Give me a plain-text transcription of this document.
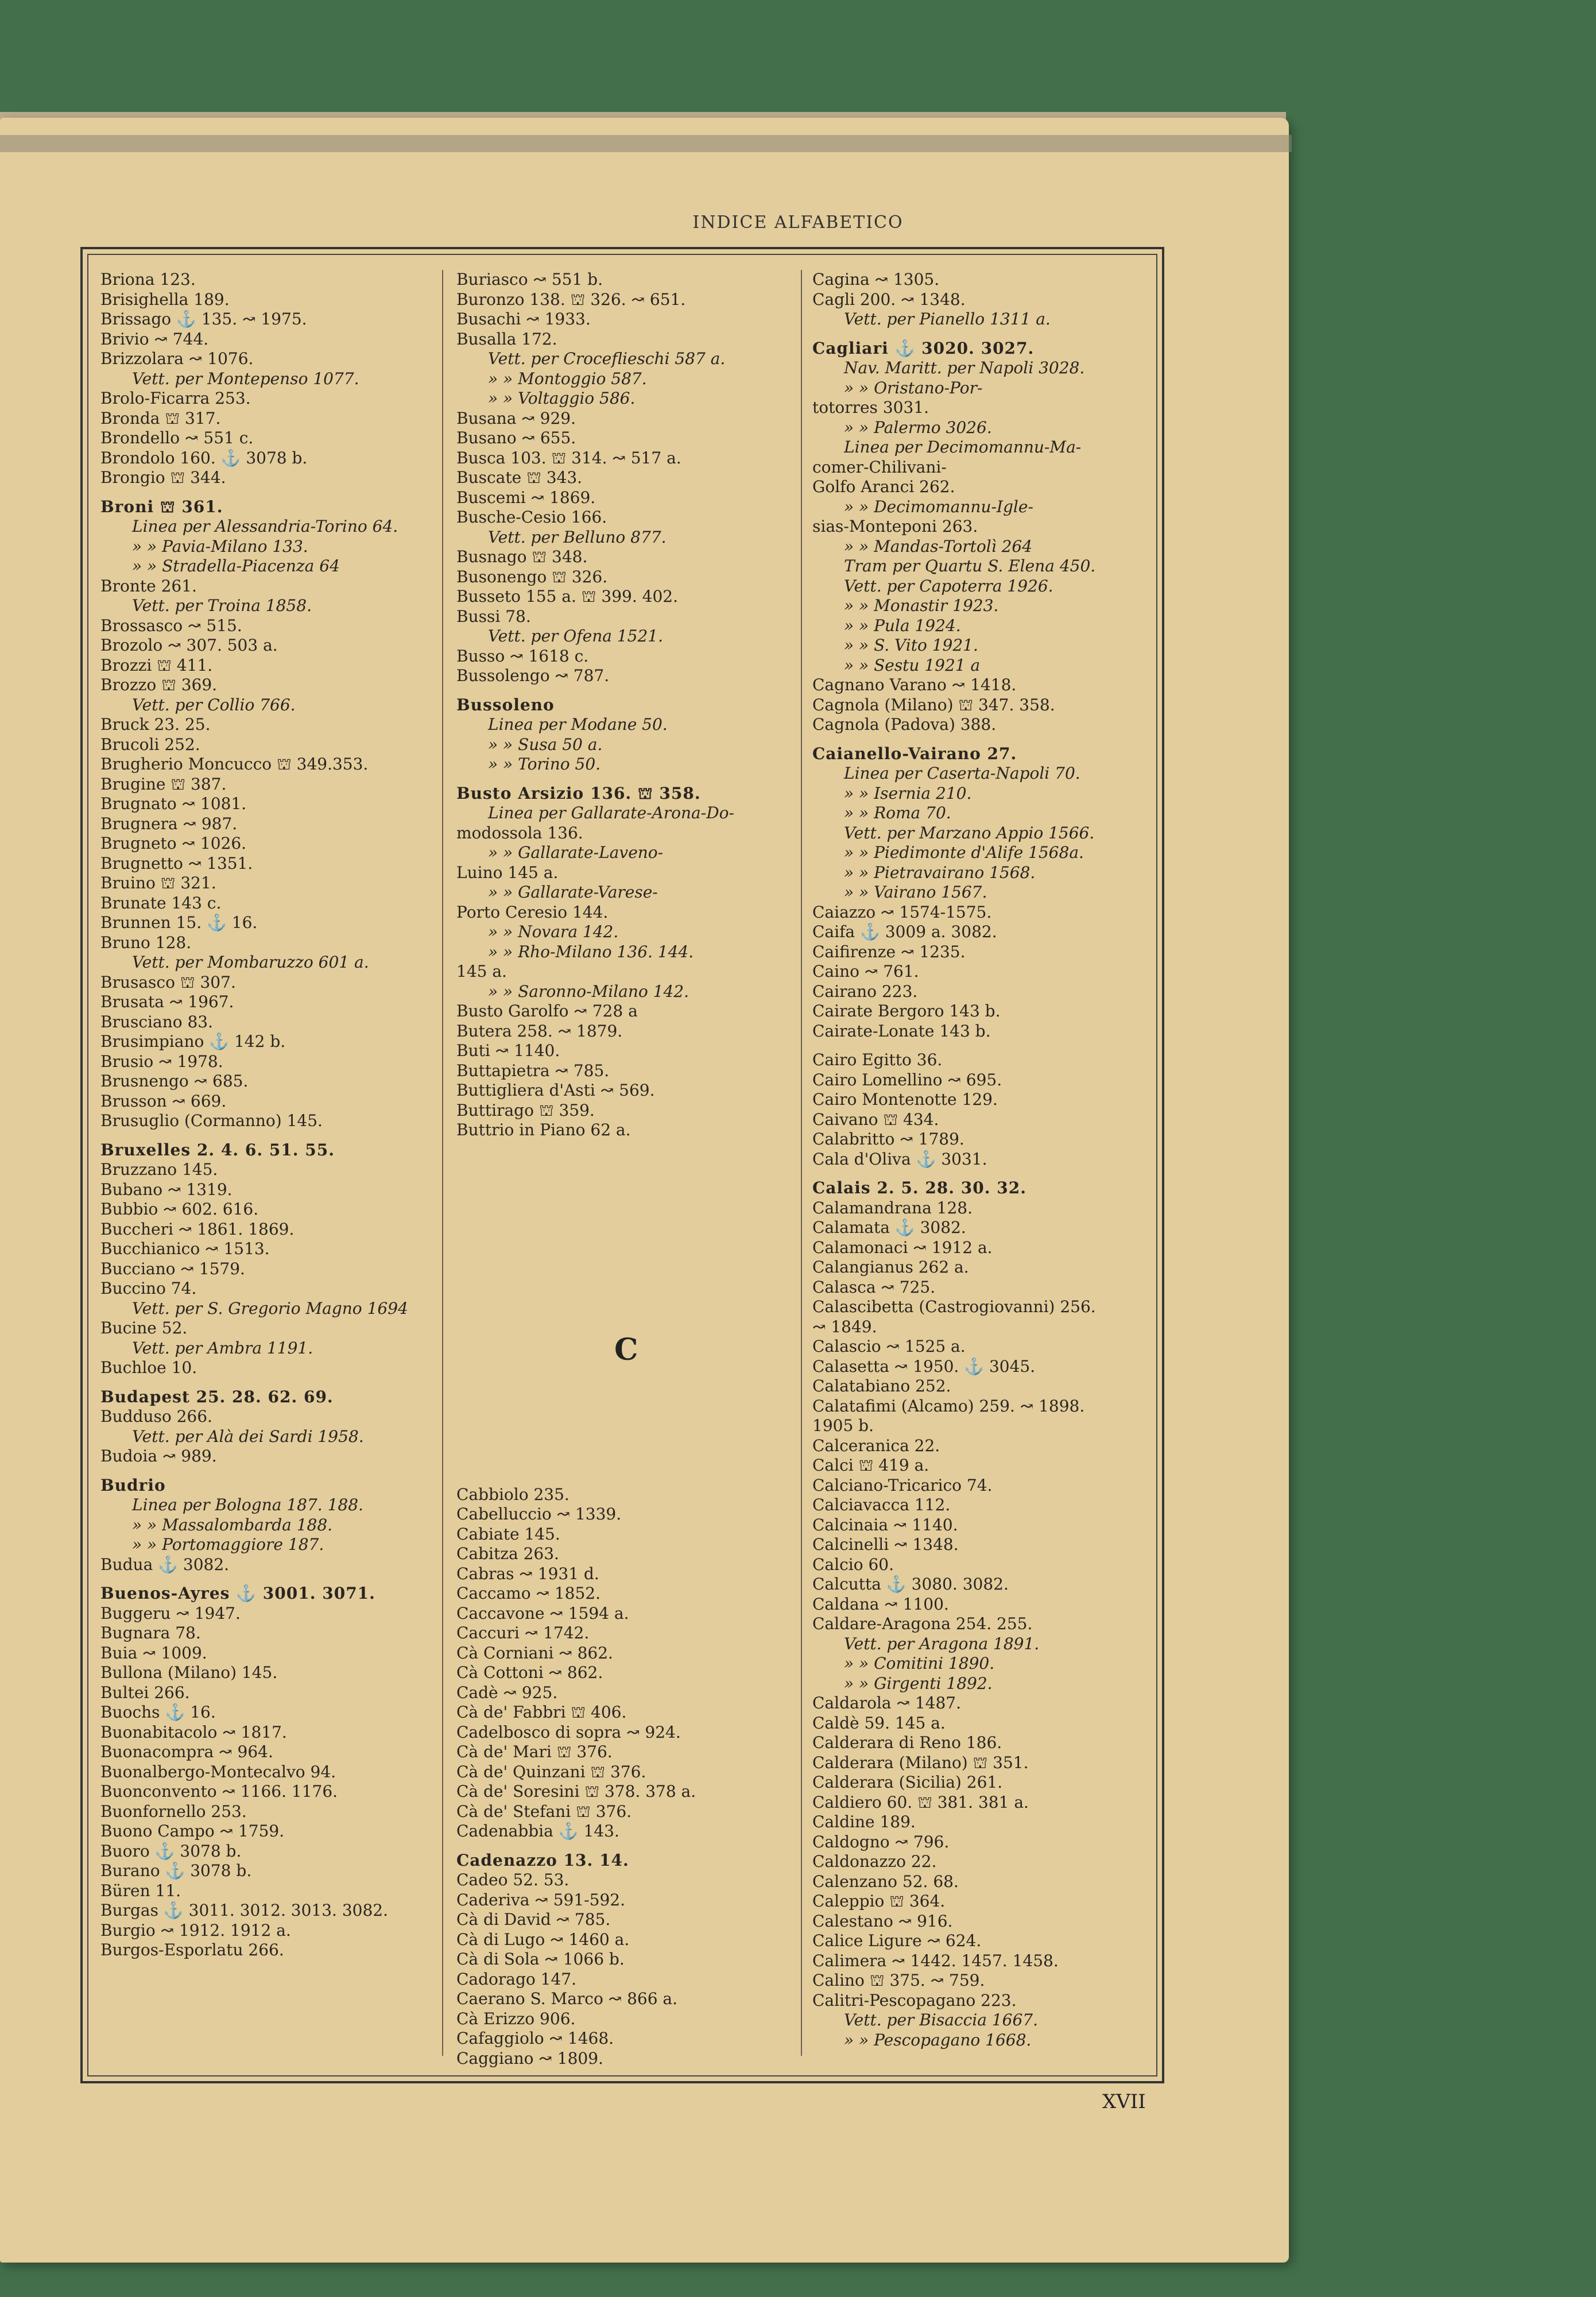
INDICE ALFABETICO
Briona 123.
Brisighella 189.
Brissago ⚓ 135. ↝ 1975.
Brivio ↝ 744.
Brizzolara ↝ 1076.
Vett. per Montepenso 1077.
Brolo-Ficarra 253.
Bronda ⛫ 317.
Brondello ↝ 551 c.
Brondolo 160. ⚓ 3078 b.
Brongio ⛫ 344.
Broni ⛫ 361.
Linea per Alessandria-Torino 64.
» » Pavia-Milano 133.
» » Stradella-Piacenza 64
Bronte 261.
Vett. per Troina 1858.
Brossasco ↝ 515.
Brozolo ↝ 307. 503 a.
Brozzi ⛫ 411.
Brozzo ⛫ 369.
Vett. per Collio 766.
Bruck 23. 25.
Brucoli 252.
Brugherio Moncucco ⛫ 349.353.
Brugine ⛫ 387.
Brugnato ↝ 1081.
Brugnera ↝ 987.
Brugneto ↝ 1026.
Brugnetto ↝ 1351.
Bruino ⛫ 321.
Brunate 143 c.
Brunnen 15. ⚓ 16.
Bruno 128.
Vett. per Mombaruzzo 601 a.
Brusasco ⛫ 307.
Brusata ↝ 1967.
Brusciano 83.
Brusimpiano ⚓ 142 b.
Brusio ↝ 1978.
Brusnengo ↝ 685.
Brusson ↝ 669.
Brusuglio (Cormanno) 145.
Bruxelles 2. 4. 6. 51. 55.
Bruzzano 145.
Bubano ↝ 1319.
Bubbio ↝ 602. 616.
Buccheri ↝ 1861. 1869.
Bucchianico ↝ 1513.
Bucciano ↝ 1579.
Buccino 74.
Vett. per S. Gregorio Magno 1694
Bucine 52.
Vett. per Ambra 1191.
Buchloe 10.
Budapest 25. 28. 62. 69.
Budduso 266.
Vett. per Alà dei Sardi 1958.
Budoia ↝ 989.
Budrio
Linea per Bologna 187. 188.
» » Massalombarda 188.
» » Portomaggiore 187.
Budua ⚓ 3082.
Buenos-Ayres ⚓ 3001. 3071.
Buggeru ↝ 1947.
Bugnara 78.
Buia ↝ 1009.
Bullona (Milano) 145.
Bultei 266.
Buochs ⚓ 16.
Buonabitacolo ↝ 1817.
Buonacompra ↝ 964.
Buonalbergo-Montecalvo 94.
Buonconvento ↝ 1166. 1176.
Buonfornello 253.
Buono Campo ↝ 1759.
Buoro ⚓ 3078 b.
Burano ⚓ 3078 b.
Büren 11.
Burgas ⚓ 3011. 3012. 3013. 3082.
Burgio ↝ 1912. 1912 a.
Burgos-Esporlatu 266.
Buriasco ↝ 551 b.
Buronzo 138. ⛫ 326. ↝ 651.
Busachi ↝ 1933.
Busalla 172.
Vett. per Croceflieschi 587 a.
» » Montoggio 587.
» » Voltaggio 586.
Busana ↝ 929.
Busano ↝ 655.
Busca 103. ⛫ 314. ↝ 517 a.
Buscate ⛫ 343.
Buscemi ↝ 1869.
Busche-Cesio 166.
Vett. per Belluno 877.
Busnago ⛫ 348.
Busonengo ⛫ 326.
Busseto 155 a. ⛫ 399. 402.
Bussi 78.
Vett. per Ofena 1521.
Busso ↝ 1618 c.
Bussolengo ↝ 787.
Bussoleno
Linea per Modane 50.
» » Susa 50 a.
» » Torino 50.
Busto Arsizio 136. ⛫ 358.
Linea per Gallarate-Arona-Do-
modossola 136.
» » Gallarate-Laveno-
Luino 145 a.
» » Gallarate-Varese-
Porto Ceresio 144.
» » Novara 142.
» » Rho-Milano 136. 144.
145 a.
» » Saronno-Milano 142.
Busto Garolfo ↝ 728 a
Butera 258. ↝ 1879.
Buti ↝ 1140.
Buttapietra ↝ 785.
Buttigliera d'Asti ↝ 569.
Buttirago ⛫ 359.
Buttrio in Piano 62 a.
Cabbiolo 235.
Cabelluccio ↝ 1339.
Cabiate 145.
Cabitza 263.
Cabras ↝ 1931 d.
Caccamo ↝ 1852.
Caccavone ↝ 1594 a.
Caccuri ↝ 1742.
Cà Corniani ↝ 862.
Cà Cottoni ↝ 862.
Cadè ↝ 925.
Cà de' Fabbri ⛫ 406.
Cadelbosco di sopra ↝ 924.
Cà de' Mari ⛫ 376.
Cà de' Quinzani ⛫ 376.
Cà de' Soresini ⛫ 378. 378 a.
Cà de' Stefani ⛫ 376.
Cadenabbia ⚓ 143.
Cadenazzo 13. 14.
Cadeo 52. 53.
Caderiva ↝ 591-592.
Cà di David ↝ 785.
Cà di Lugo ↝ 1460 a.
Cà di Sola ↝ 1066 b.
Cadorago 147.
Caerano S. Marco ↝ 866 a.
Cà Erizzo 906.
Cafaggiolo ↝ 1468.
Caggiano ↝ 1809.
Cagina ↝ 1305.
Cagli 200. ↝ 1348.
Vett. per Pianello 1311 a.
Cagliari ⚓ 3020. 3027.
Nav. Maritt. per Napoli 3028.
» » Oristano-Por-
totorres 3031.
» » Palermo 3026.
Linea per Decimomannu-Ma-
comer-Chilivani-
Golfo Aranci 262.
» » Decimomannu-Igle-
sias-Monteponi 263.
» » Mandas-Tortolì 264
Tram per Quartu S. Elena 450.
Vett. per Capoterra 1926.
» » Monastir 1923.
» » Pula 1924.
» » S. Vito 1921.
» » Sestu 1921 a
Cagnano Varano ↝ 1418.
Cagnola (Milano) ⛫ 347. 358.
Cagnola (Padova) 388.
Caianello-Vairano 27.
Linea per Caserta-Napoli 70.
» » Isernia 210.
» » Roma 70.
Vett. per Marzano Appio 1566.
» » Piedimonte d'Alife 1568a.
» » Pietravairano 1568.
» » Vairano 1567.
Caiazzo ↝ 1574-1575.
Caifa ⚓ 3009 a. 3082.
Caifirenze ↝ 1235.
Caino ↝ 761.
Cairano 223.
Cairate Bergoro 143 b.
Cairate-Lonate 143 b.
Cairo Egitto 36.
Cairo Lomellino ↝ 695.
Cairo Montenotte 129.
Caivano ⛫ 434.
Calabritto ↝ 1789.
Cala d'Oliva ⚓ 3031.
Calais 2. 5. 28. 30. 32.
Calamandrana 128.
Calamata ⚓ 3082.
Calamonaci ↝ 1912 a.
Calangianus 262 a.
Calasca ↝ 725.
Calascibetta (Castrogiovanni) 256.
↝ 1849.
Calascio ↝ 1525 a.
Calasetta ↝ 1950. ⚓ 3045.
Calatabiano 252.
Calatafimi (Alcamo) 259. ↝ 1898.
1905 b.
Calceranica 22.
Calci ⛫ 419 a.
Calciano-Tricarico 74.
Calciavacca 112.
Calcinaia ↝ 1140.
Calcinelli ↝ 1348.
Calcio 60.
Calcutta ⚓ 3080. 3082.
Caldana ↝ 1100.
Caldare-Aragona 254. 255.
Vett. per Aragona 1891.
» » Comitini 1890.
» » Girgenti 1892.
Caldarola ↝ 1487.
Caldè 59. 145 a.
Calderara di Reno 186.
Calderara (Milano) ⛫ 351.
Calderara (Sicilia) 261.
Caldiero 60. ⛫ 381. 381 a.
Caldine 189.
Caldogno ↝ 796.
Caldonazzo 22.
Calenzano 52. 68.
Caleppio ⛫ 364.
Calestano ↝ 916.
Calice Ligure ↝ 624.
Calimera ↝ 1442. 1457. 1458.
Calino ⛫ 375. ↝ 759.
Calitri-Pescopagano 223.
Vett. per Bisaccia 1667.
» » Pescopagano 1668.
C
XVII
